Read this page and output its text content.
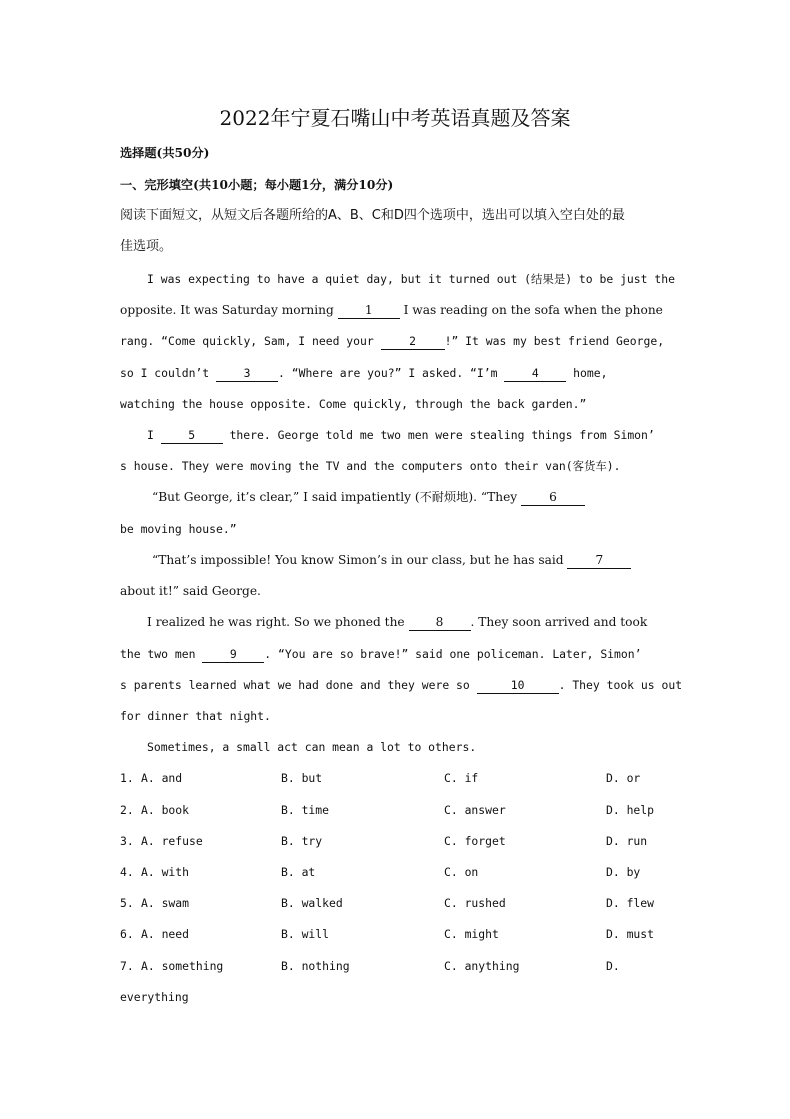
2022年宁夏石嘴山中考英语真题及答案
选择题(共50分)
一、完形填空(共10小题；每小题1分，满分10分)
阅读下面短文，从短文后各题所给的A、B、C和D四个选项中，选出可以填入空白处的最
佳选项。
I was expecting to have a quiet day, but it turned out (结果是) to be just the
opposite. It was Saturday morning 1 I was reading on the sofa when the phone
rang. “Come quickly, Sam, I need your	2	!” It was my best friend George,
so I couldn’t 3 . “Where are you?” I asked. “I’m 4 home,
watching the house opposite. Come quickly, through the back garden.”
I 5 there. George told me two men were stealing things from Simon’
s house. They were moving the TV and the computers onto their van(客货车).
“But George, it’s clear,” I said impatiently (不耐烦地). “They 6
be moving house.”
“That’s impossible! You know Simon’s in our class, but he has said 7
about it!” said George.
I realized he was right. So we phoned the 8 . They soon arrived and took
the two men 9 . “You are so brave!” said one policeman. Later, Simon’
s parents learned what we had done and they were so	10	. They took us out
for dinner that night.
Sometimes, a small act can mean a lot to others.
1. A. and	B. but	C. if	D. or
2. A. book	B. time	C. answer	D. help
3. A. refuse	B. try	C. forget	D. run
4. A. with	B. at	C. on	D. by
5. A. swam	B. walked	C. rushed	D. flew
6. A. need	B. will	C. might	D. must
7. A. something	B. nothing	C. anything	D.
everything
